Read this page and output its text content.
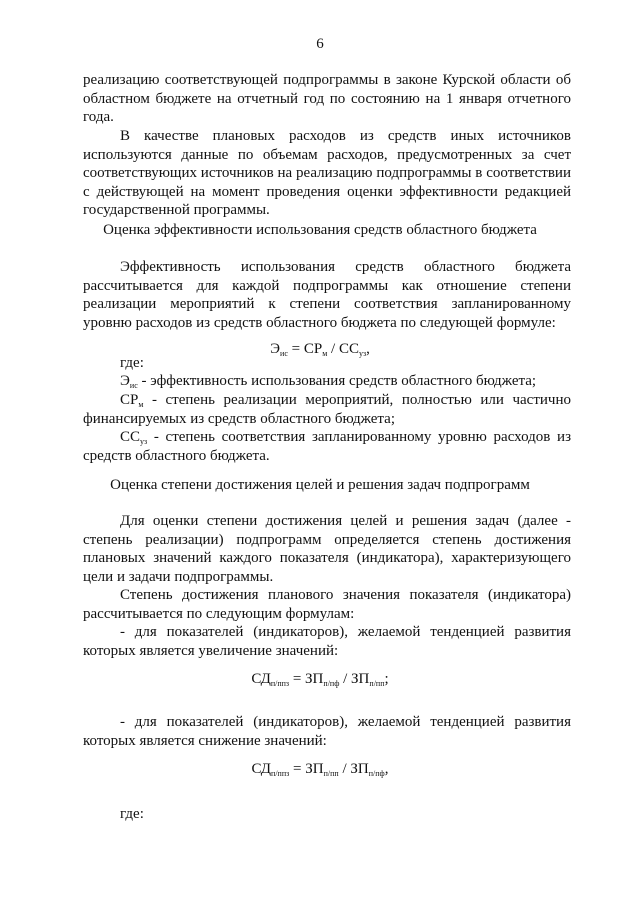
6

реализацию соответствующей подпрограммы в законе Курской области об областном бюджете на отчетный год по состоянию на 1 января отчетного года.

В качестве плановых расходов из средств иных источников используются данные по объемам расходов, предусмотренных за счет соответствующих источников на реализацию подпрограммы в соответствии с действующей на момент проведения оценки эффективности редакцией государственной программы.

Оценка эффективности использования средств областного бюджета

Эффективность использования средств областного бюджета рассчитывается для каждой подпрограммы как отношение степени реализации мероприятий к степени соответствия запланированному уровню расходов из средств областного бюджета по следующей формуле:

$Э_{ис} = СР_м / СС_{уз}$,

где:

$Э_{ис}$ - эффективность использования средств областного бюджета;

$СР_м$ - степень реализации мероприятий, полностью или частично финансируемых из средств областного бюджета;

$СС_{уз}$ - степень соответствия запланированному уровню расходов из средств областного бюджета.

Оценка степени достижения целей и решения задач подпрограмм

Для оценки степени достижения целей и решения задач (далее - степень реализации) подпрограмм определяется степень достижения плановых значений каждого показателя (индикатора), характеризующего цели и задачи подпрограммы.

Степень достижения планового значения показателя (индикатора) рассчитывается по следующим формулам:

- для показателей (индикаторов), желаемой тенденцией развития которых является увеличение значений:

$СД_{п/ппз} = ЗП_{п/пф} / ЗП_{п/пп}$;

- для показателей (индикаторов), желаемой тенденцией развития которых является снижение значений:

$СД_{п/ппз} = ЗП_{п/пп} / ЗП_{п/пф}$,

где:
